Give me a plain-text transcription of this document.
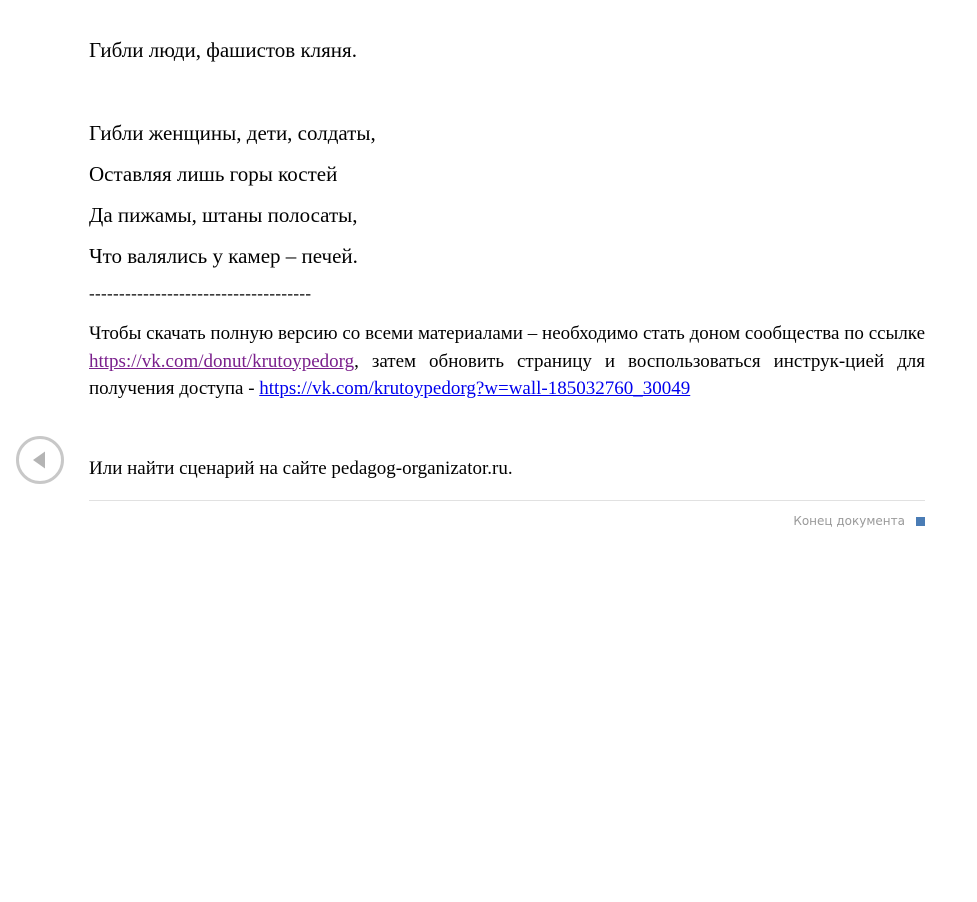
Гибли люди, фашистов кляня.
Гибли женщины, дети, солдаты,
Оставляя лишь горы костей
Да пижамы, штаны полосаты,
Что валялись у камер – печей.
-------------------------------------
Чтобы скачать полную версию со всеми материалами – необходимо стать доном сообщества по ссылке https://vk.com/donut/krutoypedorg, затем обновить страницу и воспользоваться инструк-цией для получения доступа - https://vk.com/krutoypedorg?w=wall-185032760_30049
Или найти сценарий на сайте pedagog-organizator.ru.
Конец документа
